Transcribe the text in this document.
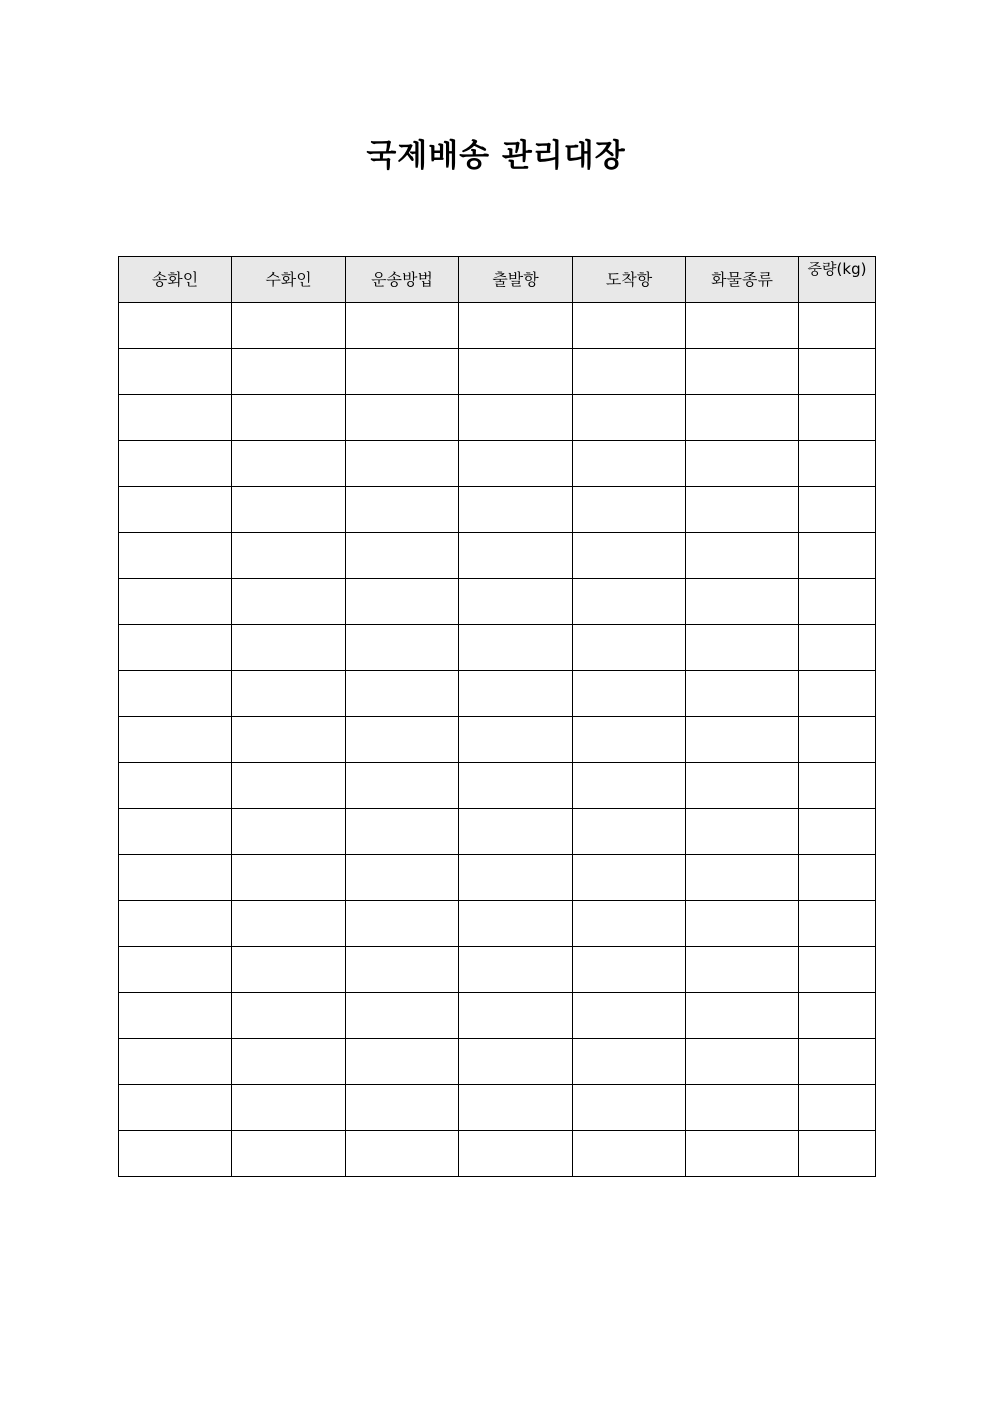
국제배송 관리대장
송화인	수화인	운송방법	출발항	도착항	화물종류	중량(kg)
